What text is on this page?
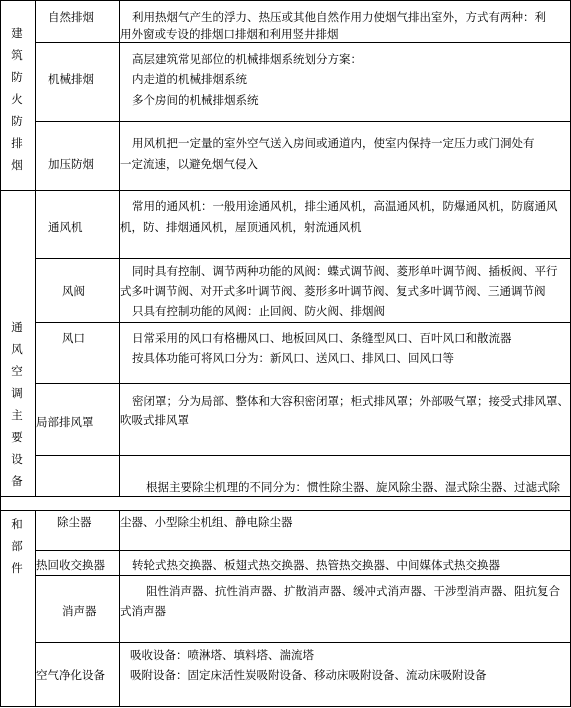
建
筑
防
火
防
排
烟
通
风
空
调
主
要
设
备
和
部
件
自然排烟	利用热烟气产生的浮力、热压或其他自然作用力使烟气排出室外，方式有两种：利
用外窗或专设的排烟口排烟和利用竖井排烟
机械排烟
高层建筑常见部位的机械排烟系统划分方案：
内走道的机械排烟系统
多个房间的机械排烟系统
加压防烟
用风机把一定量的室外空气送入房间或通道内，使室内保持一定压力或门洞处有
一定流速，以避免烟气侵入
通风机
常用的通风机：一般用途通风机，排尘通风机，高温通风机，防爆通风机，防腐通风
机，防、排烟通风机，屋顶通风机，射流通风机
风阀
同时具有控制、调节两种功能的风阀：蝶式调节阀、菱形单叶调节阀、插板阀、平行
式多叶调节阀、对开式多叶调节阀、菱形多叶调节阀、复式多叶调节阀、三通调节阀
只具有控制功能的风阀：止回阀、防火阀、排烟阀
风口	日常采用的风口有格栅风口、地板回风口、条缝型风口、百叶风口和散流器
按具体功能可将风口分为：新风口、送风口、排风口、回风口等
局部排风罩
密闭罩；分为局部、整体和大容积密闭罩；柜式排风罩；外部吸气罩；接受式排风罩、
吹吸式排风罩
除尘器
根据主要除尘机理的不同分为：惯性除尘器、旋风除尘器、湿式除尘器、过滤式除
尘器、小型除尘机组、静电除尘器
热回收交换器 转轮式热交换器、板翅式热交换器、热管热交换器、中间媒体式热交换器
消声器
阻性消声器、抗性消声器、扩散消声器、缓冲式消声器、干涉型消声器、阻抗复合
式消声器
空气净化设备
吸收设备：喷淋塔、填料塔、湍流塔
吸附设备：固定床活性炭吸附设备、移动床吸附设备、流动床吸附设备
